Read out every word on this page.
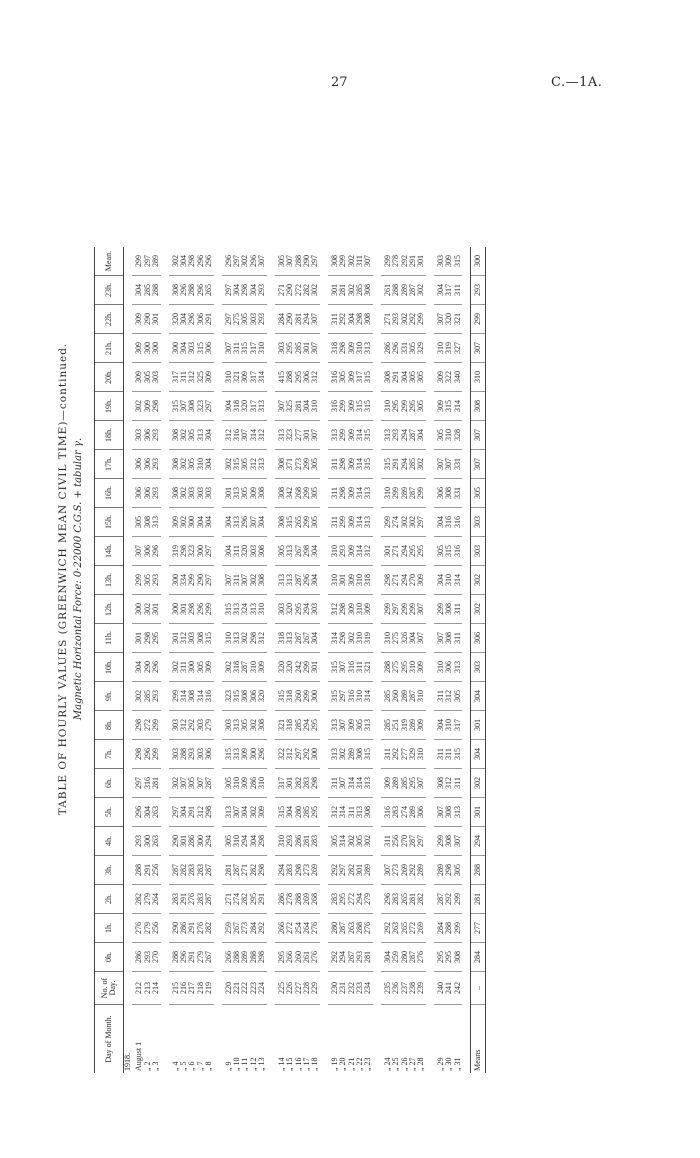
27	C.—1A.
TABLE OF HOURLY VALUES (GREENWICH MEAN CIVIL TIME)—continued. Magnetic Horizontal Force: 0·22000 C.G.S. + tabular γ.
Day of Month.	No. of Day.	0h.	1h.	2h.	3h.	4h.	5h.	6h.	7h.	8h.	9h.	10h.	11h.	12h.	13h.	14h.	15h.	16h.	17h.	18h.	19h.	20h.	21h.	22h.	23h.	Mean.
1918.																										
August 1	212	286	276	282	288	293	296	297	298	298	302	304	301	300	299	307	305	306	306	303	302	309	309	309	304	299
„ 2	213	293	279	279	291	300	304	316	296	272	285	290	298	302	305	306	308	306	306	306	309	305	300	290	285	297
„ 3	214	270	256	264	256	263	263	281	299	299	293	296	295	301	293	296	313	293	293	293	298	303	300	301	288	289

„ 4	215	288	290	283	287	290	297	302	303	303	299	302	301	300	300	319	309	308	308	308	315	317	300	320	308	302
„ 5	216	296	286	291	282	301	304	307	288	312	314	311	312	301	334	298	302	302	302	302	307	311	304	304	296	304
„ 6	217	291	291	276	283	286	291	305	293	292	308	300	303	298	299	323	300	303	305	305	308	312	303	296	288	298
„ 7	218	279	276	283	283	300	312	307	303	303	314	305	308	296	290	300	304	303	310	313	323	325	315	306	296	296
„ 8	219	267	282	287	287	294	298	287	306	279	316	309	315	299	297	297	304	303	304	304	297	309	306	291	265	296

„ 9	220	266	259	271	281	305	313	305	315	303	323	302	310	315	307	304	304	301	302	312	304	310	307	297	297	296
„ 10	221	288	267	274	287	310	307	310	313	313	315	318	313	313	311	311	313	313	315	316	318	321	311	275	304	297
„ 11	222	289	273	282	271	294	304	309	309	305	308	287	302	324	307	320	296	305	305	307	320	309	315	305	298	302
„ 12	223	288	284	295	282	304	302	286	300	302	306	310	298	313	302	303	307	309	312	314	317	317	317	303	304	296
„ 13	224	298	292	291	298	298	309	310	296	308	320	309	312	310	308	308	304	308	313	312	313	314	310	293	293	307

„ 14	225	295	266	286	294	310	315	317	322	321	315	320	318	303	313	305	308	308	308	313	307	415	303	284	271	305
„ 15	226	266	272	278	283	293	304	301	312	318	318	320	313	320	313	313	315	342	371	323	325	288	295	290	290	307
„ 16	227	260	254	288	298	286	280	282	297	285	260	242	287	295	287	267	265	268	273	277	281	295	285	281	272	288
„ 17	228	261	264	269	273	281	285	283	292	294	299	299	267	294	296	298	299	299	299	301	304	306	301	294	282	290
„ 18	229	276	276	268	269	283	295	298	300	295	300	301	304	303	304	304	305	305	305	307	310	312	307	307	302	297

„ 19	230	292	280	283	292	305	312	311	313	313	315	315	314	312	310	310	311	311	311	313	316	316	318	311	301	308
„ 20	231	294	287	295	297	314	314	307	302	307	297	307	298	298	301	293	299	298	298	299	299	305	298	292	281	299
„ 21	232	267	263	272	282	302	311	314	289	309	316	316	302	309	309	309	309	309	309	309	309	309	309	304	302	302
„ 22	233	293	288	294	301	305	313	314	308	305	310	311	310	310	310	314	314	314	314	314	315	317	310	298	285	311
„ 23	234	281	276	279	289	302	308	313	315	313	314	321	319	309	318	312	313	313	315	315	315	315	313	308	308	307

„ 24	235	304	292	296	307	311	316	309	311	285	285	288	310	299	298	301	299	310	315	313	310	308	286	271	261	299
„ 25	236	259	263	283	273	256	283	289	292	251	260	275	275	297	271	271	274	299	291	293	295	291	296	293	288	278
„ 26	237	280	265	265	269	270	274	285	277	319	289	295	326	299	294	294	302	289	294	294	299	304	331	302	289	292
„ 27	238	287	272	281	292	287	289	295	329	289	287	310	304	299	270	295	302	287	285	287	295	305	305	292	287	291
„ 28	239	276	269	282	289	297	306	307	310	309	310	309	307	307	309	295	297	299	302	304	305	305	329	299	302	301

„ 29	240	295	284	287	289	299	307	308	311	304	311	310	307	299	304	305	304	306	307	305	309	309	310	307	304	303
„ 30	241	295	288	292	298	308	308	312	311	310	312	306	308	308	310	315	316	308	307	310	315	322	319	320	317	309
„ 31	242	308	299	299	305	307	313	311	315	317	305	313	311	311	314	316	316	331	331	328	314	340	327	321	311	315

Means	..	284	277	281	288	294	301	302	304	301	304	303	306	302	302	303	303	305	307	307	308	310	307	299	293	300
